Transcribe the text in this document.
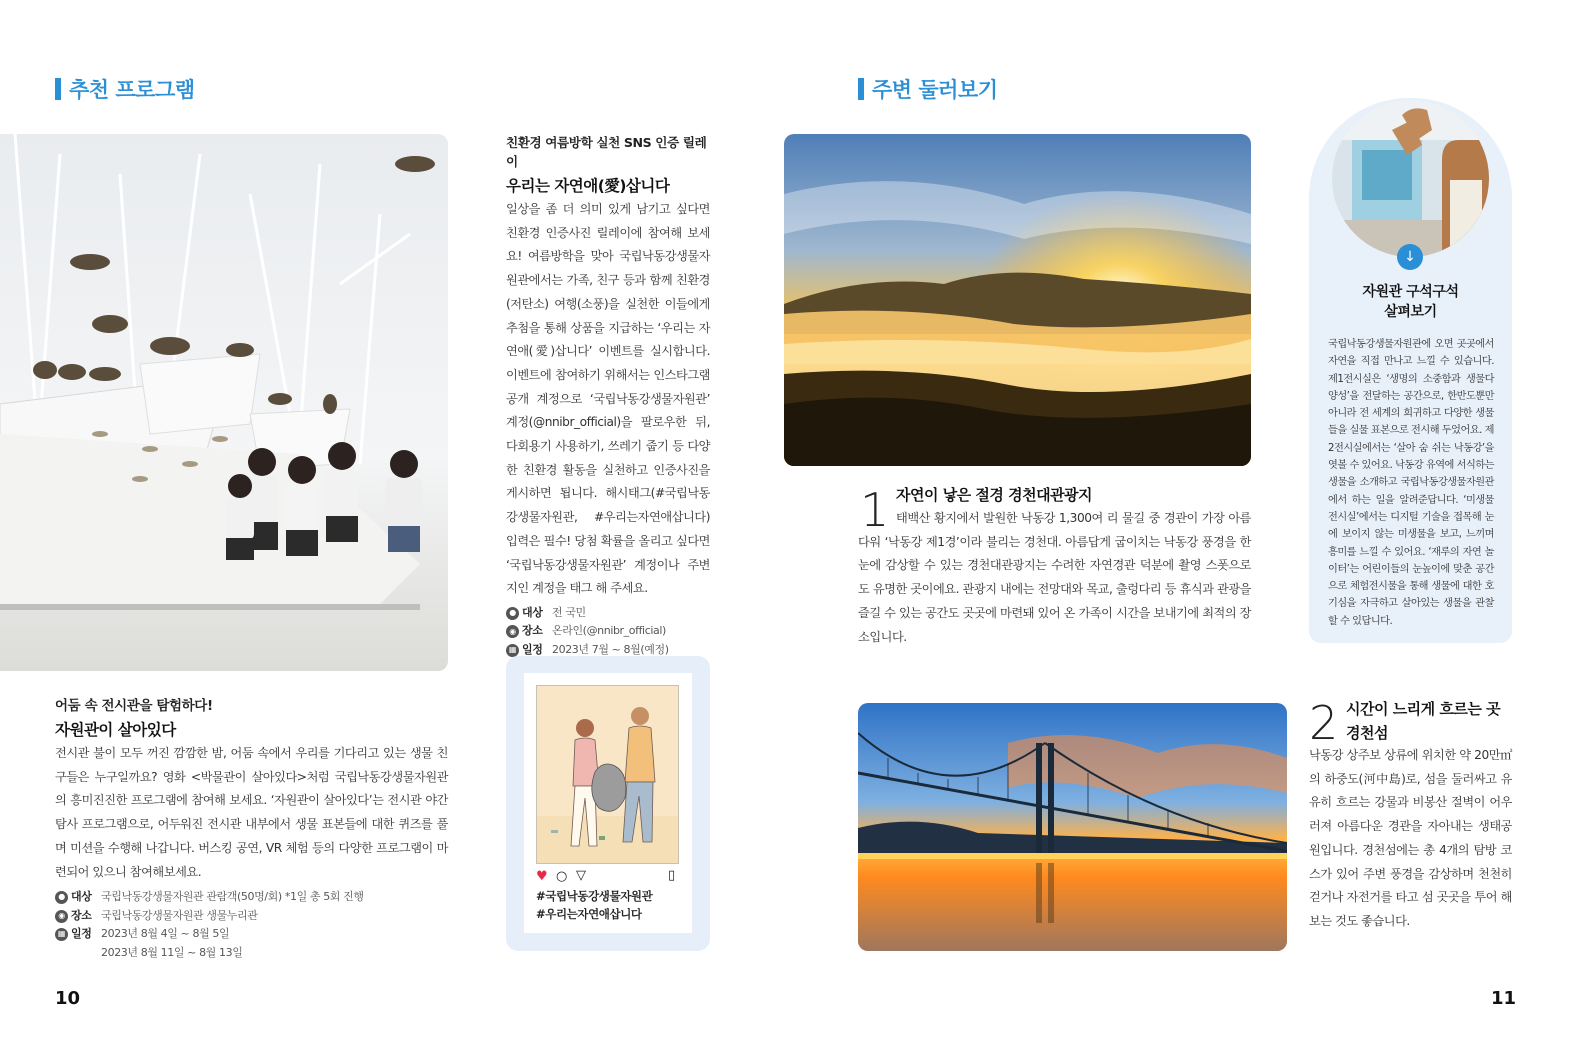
추천 프로그램
어둠 속 전시관을 탐험하다!
자원관이 살아있다
전시관 불이 모두 꺼진 깜깜한 밤, 어둠 속에서 우리를 기다리고 있는 생물 친구들은 누구일까요? 영화 <박물관이 살아있다>처럼 국립낙동강생물자원관의 흥미진진한 프로그램에 참여해 보세요. ‘자원관이 살아있다’는 전시관 야간 탐사 프로그램으로, 어두워진 전시관 내부에서 생물 표본들에 대한 퀴즈를 풀며 미션을 수행해 나갑니다. 버스킹 공연, VR 체험 등의 다양한 프로그램이 마련되어 있으니 참여해보세요.
● 대상 국립낙동강생물자원관 관람객(50명/회) *1일 총 5회 진행
◉ 장소 국립낙동강생물자원관 생물누리관
▦ 일정 2023년 8월 4일 ~ 8월 5일
2023년 8월 11일 ~ 8월 13일
친환경 여름방학 실천 SNS 인증 릴레이
우리는 자연애(愛)삽니다
일상을 좀 더 의미 있게 남기고 싶다면 친환경 인증사진 릴레이에 참여해 보세요! 여름방학을 맞아 국립낙동강생물자원관에서는 가족, 친구 등과 함께 친환경(저탄소) 여행(소풍)을 실천한 이들에게 추첨을 통해 상품을 지급하는 ‘우리는 자연애(愛)삽니다’ 이벤트를 실시합니다. 이벤트에 참여하기 위해서는 인스타그램 공개 계정으로 ‘국립낙동강생물자원관’ 계정(@nnibr_official)을 팔로우한 뒤, 다회용기 사용하기, 쓰레기 줍기 등 다양한 친환경 활동을 실천하고 인증사진을 게시하면 됩니다. 해시태그(#국립낙동강생물자원관, #우리는자연애삽니다) 입력은 필수! 당첨 확률을 올리고 싶다면 ‘국립낙동강생물자원관’ 계정이나 주변 지인 계정을 태그 해 주세요.
● 대상 전 국민
◉ 장소 온라인(@nnibr_official)
▦ 일정 2023년 7월 ~ 8월(예정)
♥ ○ ▽	▯
#국립낙동강생물자원관
#우리는자연애삽니다
10
주변 둘러보기
1 자연이 낳은 절경 경천대관광지
태백산 황지에서 발원한 낙동강 1,300여 리 물길 중 경관이 가장 아름다워 ‘낙동강 제1경’이라 불리는 경천대. 아름답게 굽이치는 낙동강 풍경을 한눈에 감상할 수 있는 경천대관광지는 수려한 자연경관 덕분에 촬영 스폿으로도 유명한 곳이에요. 관광지 내에는 전망대와 목교, 출렁다리 등 휴식과 관광을 즐길 수 있는 공간도 곳곳에 마련돼 있어 온 가족이 시간을 보내기에 최적의 장소입니다.
2 시간이 느리게 흐르는 곳
경천섬
낙동강 상주보 상류에 위치한 약 20만㎡의 하중도(河中島)로, 섬을 둘러싸고 유유히 흐르는 강물과 비봉산 절벽이 어우러져 아름다운 경관을 자아내는 생태공원입니다. 경천섬에는 총 4개의 탐방 코스가 있어 주변 풍경을 감상하며 천천히 걷거나 자전거를 타고 섬 곳곳을 투어 해 보는 것도 좋습니다.
↓
자원관 구석구석
살펴보기
국립낙동강생물자원관에 오면 곳곳에서 자연을 직접 만나고 느낄 수 있습니다. 제1전시실은 ‘생명의 소중함과 생물다양성’을 전달하는 공간으로, 한반도뿐만 아니라 전 세계의 희귀하고 다양한 생물들을 실물 표본으로 전시해 두었어요. 제2전시실에서는 ‘살아 숨 쉬는 낙동강’을 엿볼 수 있어요. 낙동강 유역에 서식하는 생물을 소개하고 국립낙동강생물자원관에서 하는 일을 알려준답니다. ‘미생물 전시실’에서는 디지털 기술을 접목해 눈에 보이지 않는 미생물을 보고, 느끼며 흥미를 느낄 수 있어요. ‘재루의 자연 놀이터’는 어린이들의 눈높이에 맞춘 공간으로 체험전시물을 통해 생물에 대한 호기심을 자극하고 살아있는 생물을 관찰할 수 있답니다.
11
